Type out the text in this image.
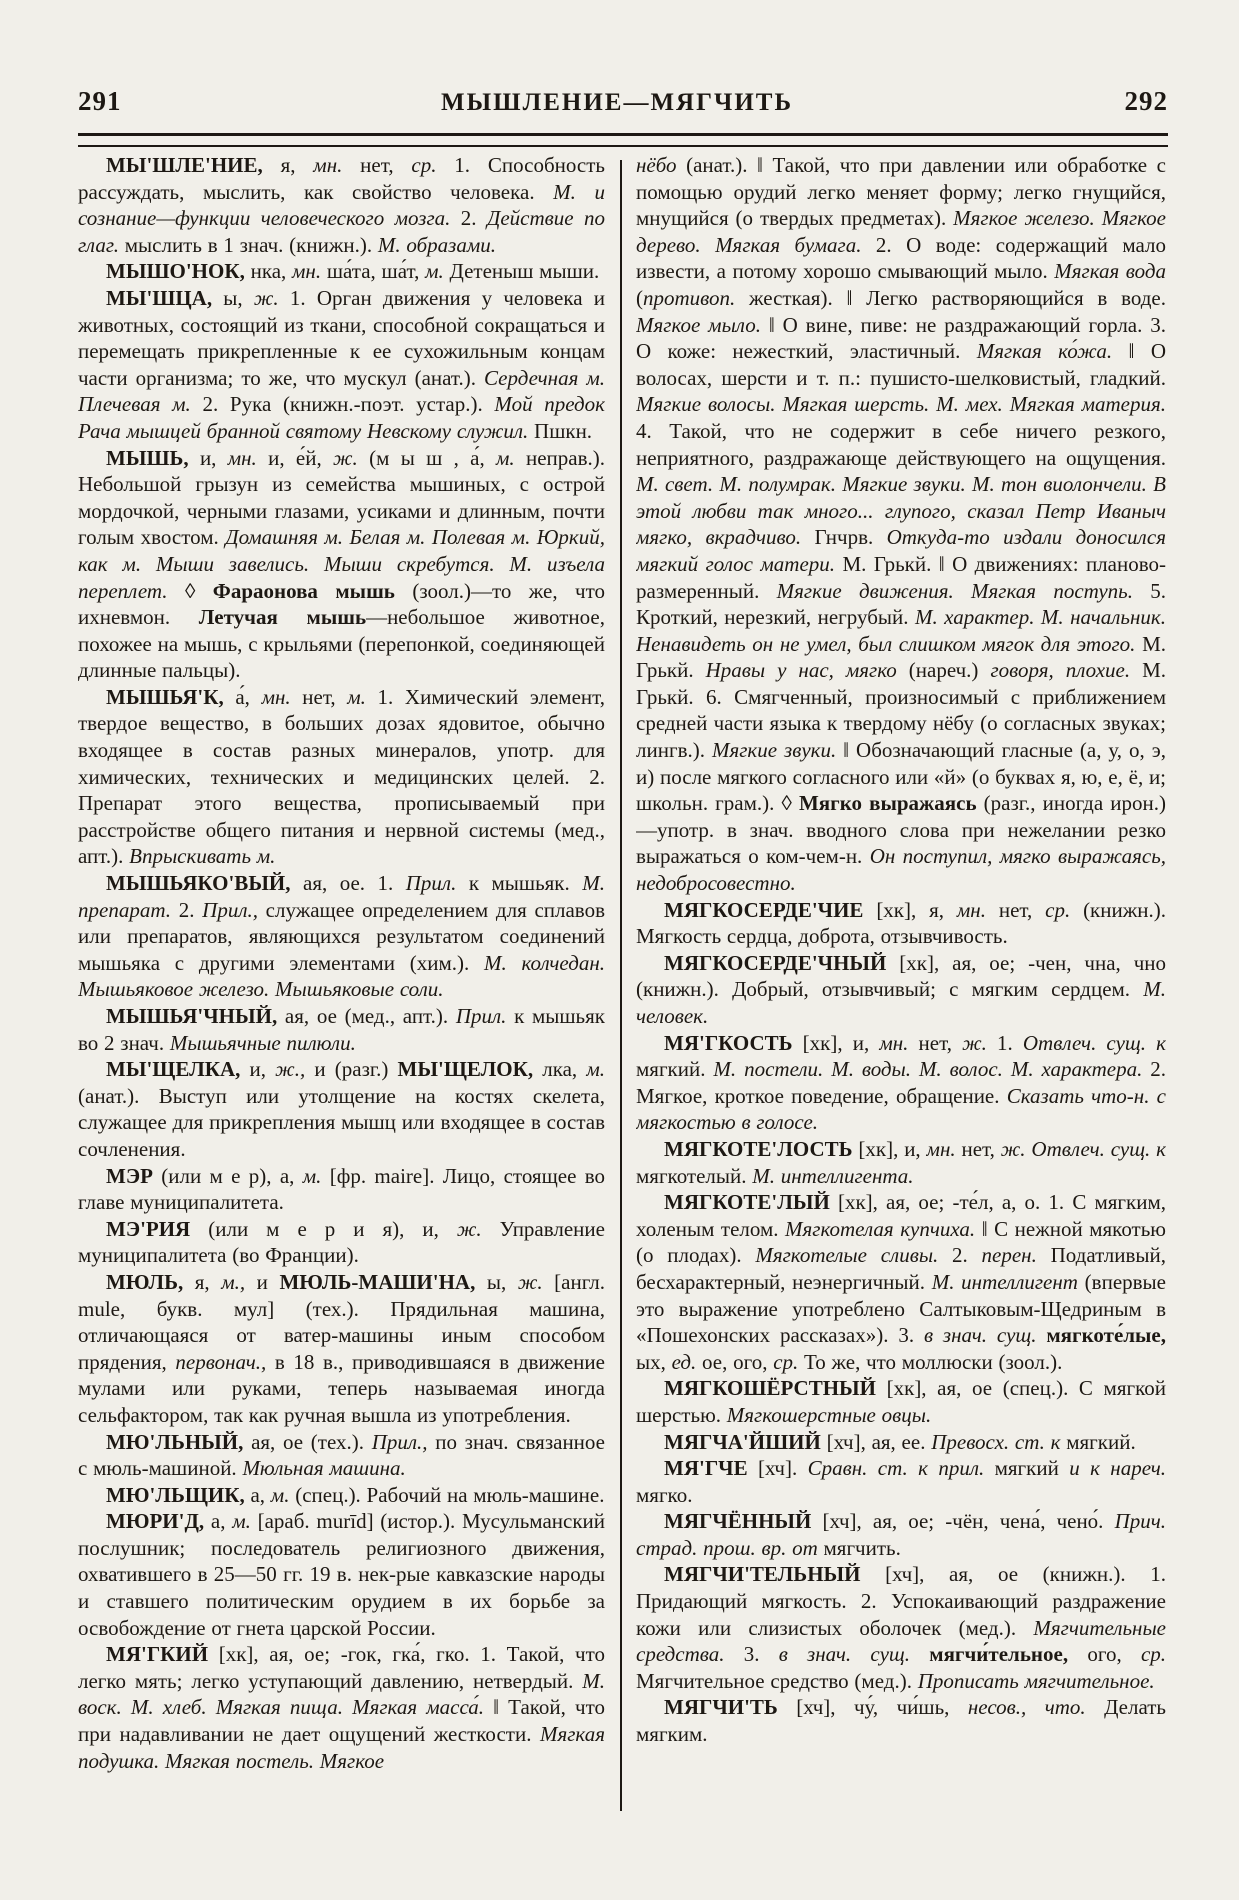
291	МЫШЛЕНИЕ—МЯГЧИТЬ	292

МЫ'ШЛЕ'НИЕ, я, мн. нет, ср. 1. Способность рассуждать, мыслить, как свойство человека. М. и сознание—функции человеческого мозга. 2. Действие по глаг. мыслить в 1 знач. (книжн.). М. образами.

МЫШО'НОК, нка, мн. ша́та, ша́т, м. Детеныш мыши.

МЫ'ШЦА, ы, ж. 1. Орган движения у человека и животных, состоящий из ткани, способной сокращаться и перемещать прикрепленные к ее сухожильным концам части организма; то же, что мускул (анат.). Сердечная м. Плечевая м. 2. Рука (книжн.-поэт. устар.). Мой предок Рача мышцей бранной святому Невскому служил. Пшкн.

МЫШЬ, и, мн. и, е́й, ж. (м ы ш , а́, м. неправ.). Небольшой грызун из семейства мышиных, с острой мордочкой, черными глазами, усиками и длинным, почти голым хвостом. Домашняя м. Белая м. Полевая м. Юркий, как м. Мыши завелись. Мыши скребутся. М. изъела переплет. ◊ Фараонова мышь (зоол.)—то же, что ихневмон. Летучая мышь—небольшое животное, похожее на мышь, с крыльями (перепонкой, соединяющей длинные пальцы).

МЫШЬЯ'К, а́, мн. нет, м. 1. Химический элемент, твердое вещество, в больших дозах ядовитое, обычно входящее в состав разных минералов, употр. для химических, технических и медицинских целей. 2. Препарат этого вещества, прописываемый при расстройстве общего питания и нервной системы (мед., апт.). Впрыскивать м.

МЫШЬЯКО'ВЫЙ, ая, ое. 1. Прил. к мышьяк. М. препарат. 2. Прил., служащее определением для сплавов или препаратов, являющихся результатом соединений мышьяка с другими элементами (хим.). М. колчедан. Мышьяковое железо. Мышьяковые соли.

МЫШЬЯ'ЧНЫЙ, ая, ое (мед., апт.). Прил. к мышьяк во 2 знач. Мышьячные пилюли.

МЫ'ЩЕЛКА, и, ж., и (разг.) МЫ'ЩЕЛОК, лка, м. (анат.). Выступ или утолщение на костях скелета, служащее для прикрепления мышц или входящее в состав сочленения.

МЭР (или м е р), а, м. [фр. maire]. Лицо, стоящее во главе муниципалитета.

МЭ'РИЯ (или м е р и я), и, ж. Управление муниципалитета (во Франции).

МЮЛЬ, я, м., и МЮЛЬ-МАШИ'НА, ы, ж. [англ. mule, букв. мул] (тех.). Прядильная машина, отличающаяся от ватер-машины иным способом прядения, первонач., в 18 в., приводившаяся в движение мулами или руками, теперь называемая иногда сельфактором, так как ручная вышла из употребления.

МЮ'ЛЬНЫЙ, ая, ое (тех.). Прил., по знач. связанное с мюль-машиной. Мюльная машина.

МЮ'ЛЬЩИК, а, м. (спец.). Рабочий на мюль-машине.

МЮРИ'Д, а, м. [араб. murīd] (истор.). Мусульманский послушник; последователь религиозного движения, охватившего в 25—50 гг. 19 в. нек-рые кавказские народы и ставшего политическим орудием в их борьбе за освобождение от гнета царской России.

МЯ'ГКИЙ [хк], ая, ое; -гок, гка́, гко. 1. Такой, что легко мять; легко уступающий давлению, нетвердый. М. воск. М. хлеб. Мягкая пища. Мягкая масса́. ‖ Такой, что при надавливании не дает ощущений жесткости. Мягкая подушка. Мягкая постель. Мягкое

нёбо (анат.). ‖ Такой, что при давлении или обработке с помощью орудий легко меняет форму; легко гнущийся, мнущийся (о твердых предметах). Мягкое железо. Мягкое дерево. Мягкая бумага. 2. О воде: содержащий мало извести, а потому хорошо смывающий мыло. Мягкая вода (противоп. жесткая). ‖ Легко растворяющийся в воде. Мягкое мыло. ‖ О вине, пиве: не раздражающий горла. 3. О коже: нежесткий, эластичный. Мягкая ко́жа. ‖ О волосах, шерсти и т. п.: пушисто-шелковистый, гладкий. Мягкие волосы. Мягкая шерсть. М. мех. Мягкая материя. 4. Такой, что не содержит в себе ничего резкого, неприятного, раздражающе действующего на ощущения. М. свет. М. полумрак. Мягкие звуки. М. тон виолончели. В этой любви так много... глупого, сказал Петр Иваныч мягко, вкрадчиво. Гнчрв. Откуда-то издали доносился мягкий голос матери. М. Грькй. ‖ О движениях: планово-размеренный. Мягкие движения. Мягкая поступь. 5. Кроткий, нерезкий, негрубый. М. характер. М. начальник. Ненавидеть он не умел, был слишком мягок для этого. М. Грькй. Нравы у нас, мягко (нареч.) говоря, плохие. М. Грькй. 6. Смягченный, произносимый с приближением средней части языка к твердому нёбу (о согласных звуках; лингв.). Мягкие звуки. ‖ Обозначающий гласные (а, у, о, э, и) после мягкого согласного или «й» (о буквах я, ю, е, ё, и; школьн. грам.). ◊ Мягко выражаясь (разг., иногда ирон.)—употр. в знач. вводного слова при нежелании резко выражаться о ком-чем-н. Он поступил, мягко выражаясь, недобросовестно.

МЯГКОСЕРДЕ'ЧИЕ [хк], я, мн. нет, ср. (книжн.). Мягкость сердца, доброта, отзывчивость.

МЯГКОСЕРДЕ'ЧНЫЙ [хк], ая, ое; -чен, чна, чно (книжн.). Добрый, отзывчивый; с мягким сердцем. М. человек.

МЯ'ГКОСТЬ [хк], и, мн. нет, ж. 1. Отвлеч. сущ. к мягкий. М. постели. М. воды. М. волос. М. характера. 2. Мягкое, кроткое поведение, обращение. Сказать что-н. с мягкостью в голосе.

МЯГКОТЕ'ЛОСТЬ [хк], и, мн. нет, ж. Отвлеч. сущ. к мягкотелый. М. интеллигента.

МЯГКОТЕ'ЛЫЙ [хк], ая, ое; -те́л, а, о. 1. С мягким, холеным телом. Мягкотелая купчиха. ‖ С нежной мякотью (о плодах). Мягкотелые сливы. 2. перен. Податливый, бесхарактерный, неэнергичный. М. интеллигент (впервые это выражение употреблено Салтыковым-Щедриным в «Пошехонских рассказах»). 3. в знач. сущ. мягкоте́лые, ых, ед. ое, ого, ср. То же, что моллюски (зоол.).

МЯГКОШЁРСТНЫЙ [хк], ая, ое (спец.). С мягкой шерстью. Мягкошерстные овцы.

МЯГЧА'ЙШИЙ [хч], ая, ее. Превосх. ст. к мягкий.

МЯ'ГЧЕ [хч]. Сравн. ст. к прил. мягкий и к нареч. мягко.

МЯГЧЁННЫЙ [хч], ая, ое; -чён, чена́, чено́. Прич. страд. прош. вр. от мягчить.

МЯГЧИ'ТЕЛЬНЫЙ [хч], ая, ое (книжн.). 1. Придающий мягкость. 2. Успокаивающий раздражение кожи или слизистых оболочек (мед.). Мягчительные средства. 3. в знач. сущ. мягчи́тельное, ого, ср. Мягчительное средство (мед.). Прописать мягчительное.

МЯГЧИ'ТЬ [хч], чу́, чи́шь, несов., что. Делать мягким.
